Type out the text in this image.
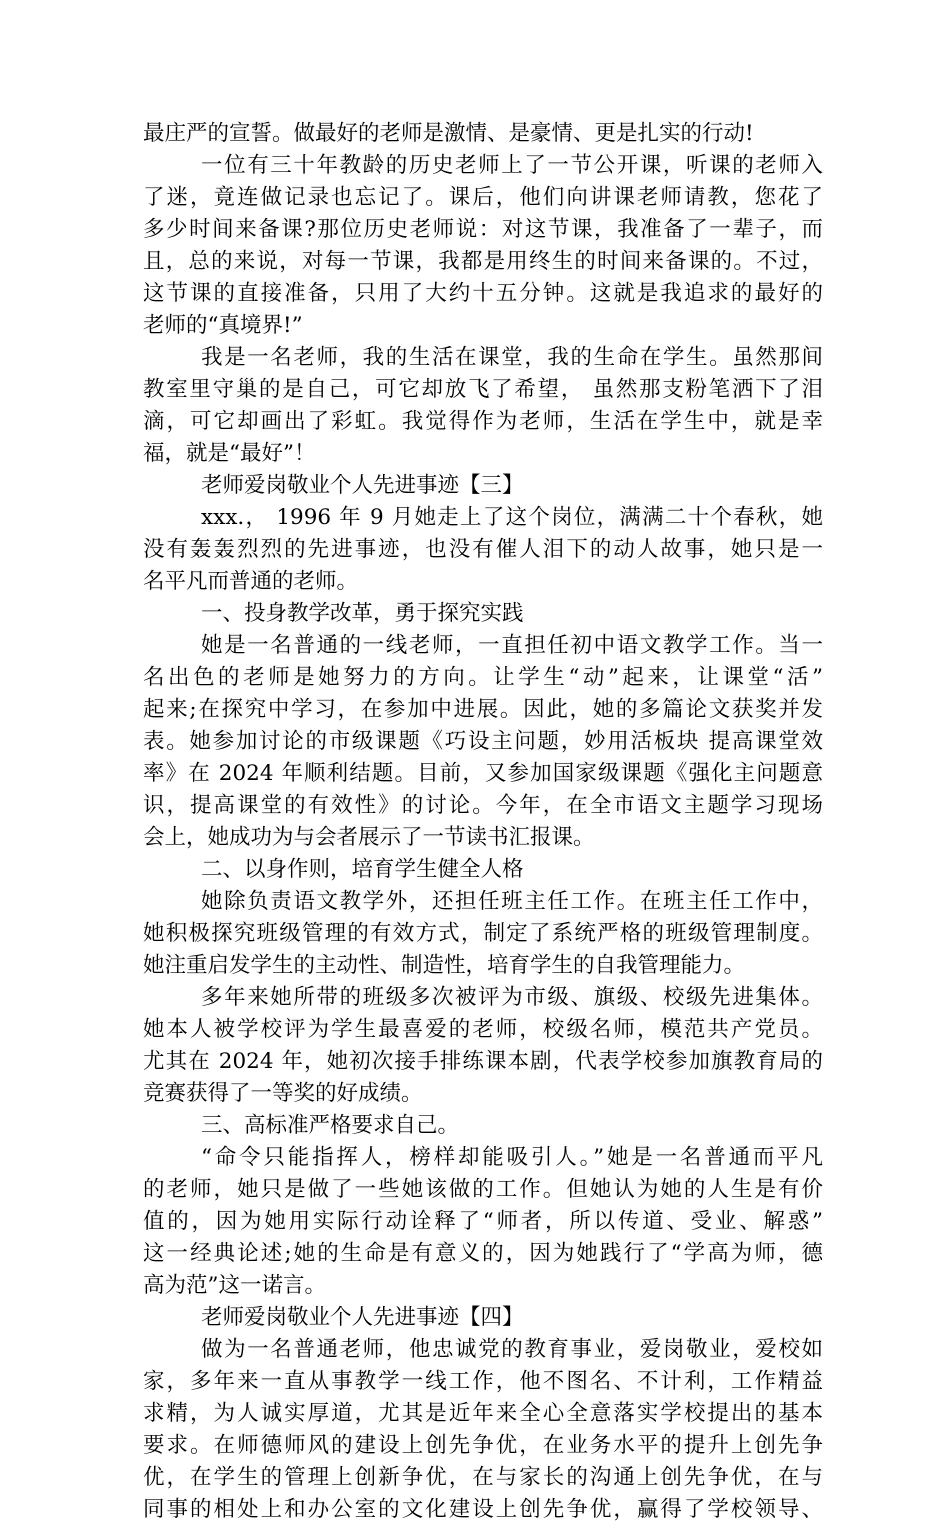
最庄严的宣誓。做最好的老师是激情、是豪情、更是扎实的行动!
一位有三十年教龄的历史老师上了一节公开课，听课的老师入
了迷，竟连做记录也忘记了。课后，他们向讲课老师请教，您花了
多少时间来备课?那位历史老师说：对这节课，我准备了一辈子，而
且，总的来说，对每一节课，我都是用终生的时间来备课的。不过，
这节课的直接准备，只用了大约十五分钟。这就是我追求的最好的
老师的“真境界!”
我是一名老师，我的生活在课堂，我的生命在学生。虽然那间
教室里守巢的是自己，可它却放飞了希望， 虽然那支粉笔洒下了泪
滴，可它却画出了彩虹。我觉得作为老师，生活在学生中，就是幸
福，就是“最好”！
老师爱岗敬业个人先进事迹【三】
xxx.， 1996 年 9 月她走上了这个岗位，满满二十个春秋，她
没有轰轰烈烈的先进事迹，也没有催人泪下的动人故事，她只是一
名平凡而普通的老师。
一、投身教学改革，勇于探究实践
她是一名普通的一线老师，一直担任初中语文教学工作。当一
名出色的老师是她努力的方向。让学生“动”起来，让课堂“活”
起来;在探究中学习，在参加中进展。因此，她的多篇论文获奖并发
表。她参加讨论的市级课题《巧设主问题，妙用活板块 提高课堂效
率》在 2024 年顺利结题。目前，又参加国家级课题《强化主问题意
识，提高课堂的有效性》的讨论。今年，在全市语文主题学习现场
会上，她成功为与会者展示了一节读书汇报课。
二、以身作则，培育学生健全人格
她除负责语文教学外，还担任班主任工作。在班主任工作中，
她积极探究班级管理的有效方式，制定了系统严格的班级管理制度。
她注重启发学生的主动性、制造性，培育学生的自我管理能力。
多年来她所带的班级多次被评为市级、旗级、校级先进集体。
她本人被学校评为学生最喜爱的老师，校级名师，模范共产党员。
尤其在 2024 年，她初次接手排练课本剧，代表学校参加旗教育局的
竞赛获得了一等奖的好成绩。
三、高标准严格要求自己。
“命令只能指挥人，榜样却能吸引人。”她是一名普通而平凡
的老师，她只是做了一些她该做的工作。但她认为她的人生是有价
值的，因为她用实际行动诠释了“师者，所以传道、受业、解惑”
这一经典论述;她的生命是有意义的，因为她践行了“学高为师，德
高为范”这一诺言。
老师爱岗敬业个人先进事迹【四】
做为一名普通老师，他忠诚党的教育事业，爱岗敬业，爱校如
家，多年来一直从事教学一线工作，他不图名、不计利，工作精益
求精，为人诚实厚道，尤其是近年来全心全意落实学校提出的基本
要求。在师德师风的建设上创先争优，在业务水平的提升上创先争
优，在学生的管理上创新争优，在与家长的沟通上创先争优，在与
同事的相处上和办公室的文化建设上创先争优，赢得了学校领导、
